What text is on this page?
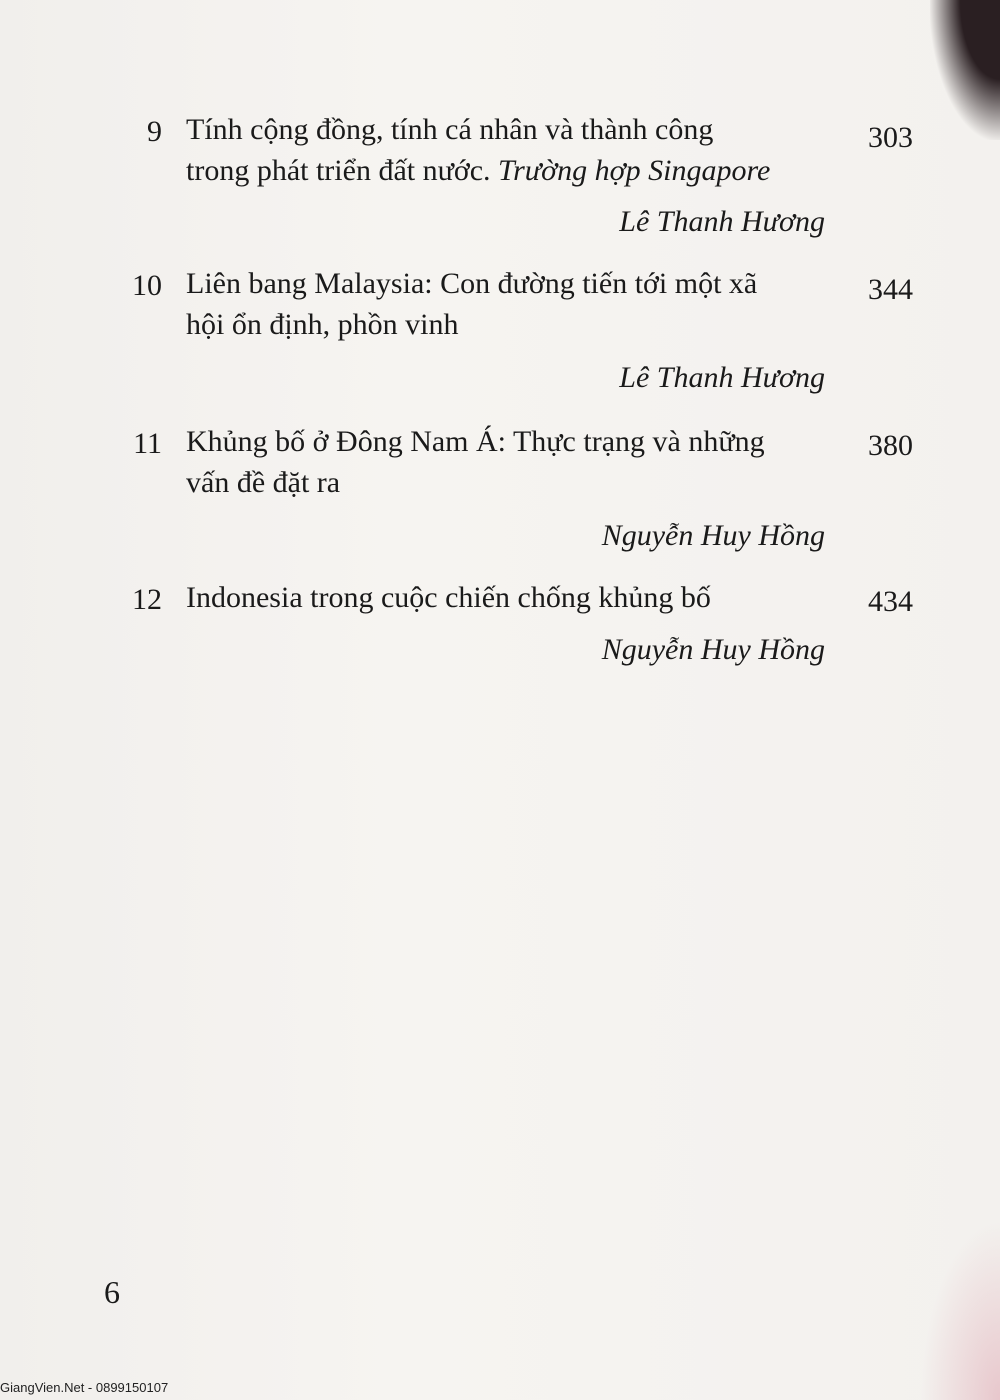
9 Tính cộng đồng, tính cá nhân và thành công
trong phát triển đất nước. Trường hợp Singapore
303
Lê Thanh Hương
10 Liên bang Malaysia: Con đường tiến tới một xã
hội ổn định, phồn vinh
344
Lê Thanh Hương
11 Khủng bố ở Đông Nam Á: Thực trạng và những
vấn đề đặt ra
380
Nguyễn Huy Hồng
12 Indonesia trong cuộc chiến chống khủng bố	434
Nguyễn Huy Hồng
6
GiangVien.Net - 0899150107
